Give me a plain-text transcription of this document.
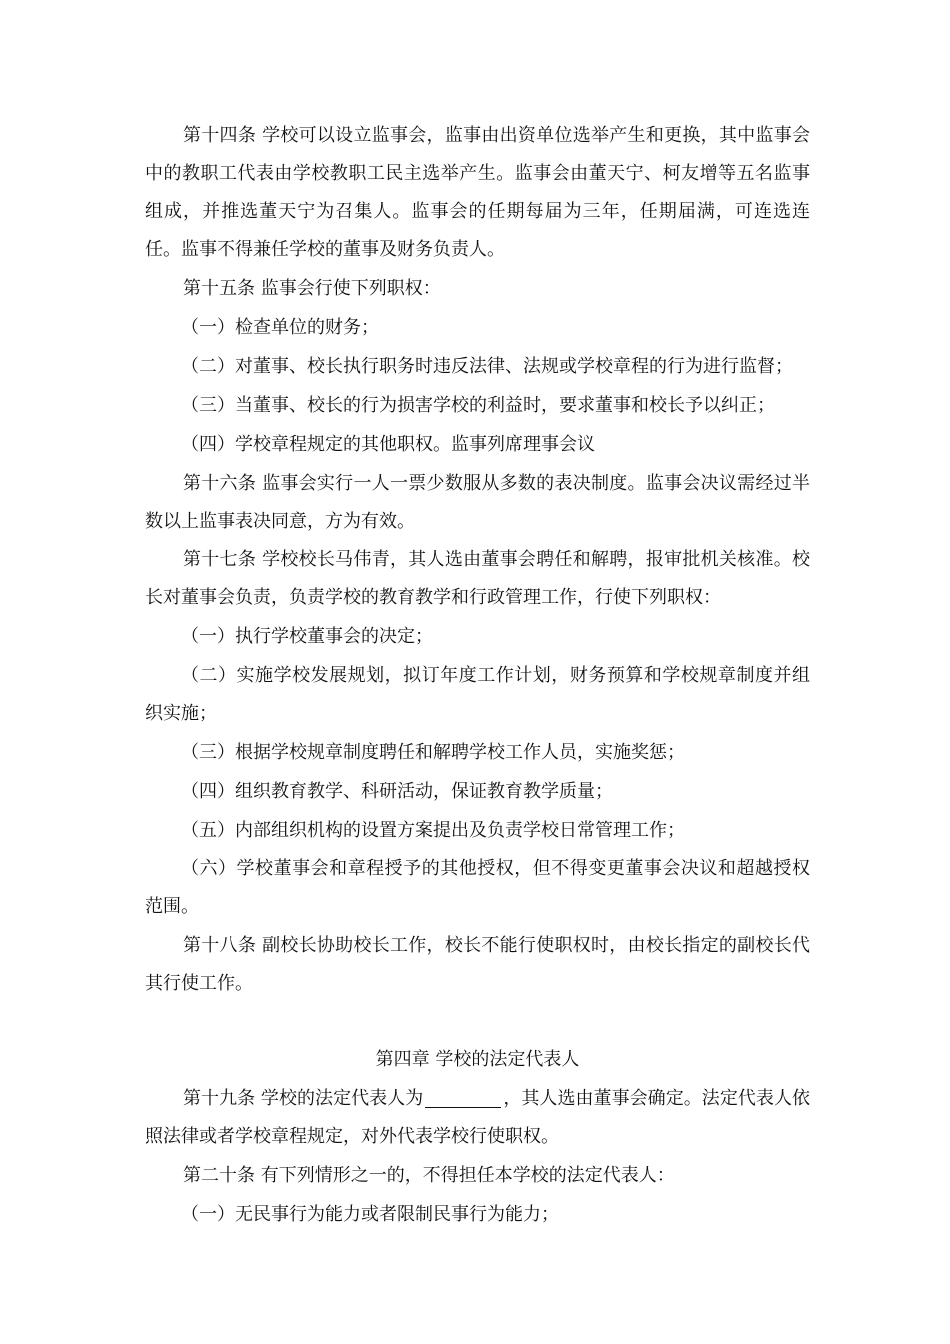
第十四条 学校可以设立监事会，监事由出资单位选举产生和更换，其中监事会中的教职工代表由学校教职工民主选举产生。监事会由董天宁、柯友增等五名监事组成，并推选董天宁为召集人。监事会的任期每届为三年，任期届满，可连选连任。监事不得兼任学校的董事及财务负责人。

第十五条 监事会行使下列职权：

（一）检查单位的财务；

（二）对董事、校长执行职务时违反法律、法规或学校章程的行为进行监督；

（三）当董事、校长的行为损害学校的利益时，要求董事和校长予以纠正；

（四）学校章程规定的其他职权。监事列席理事会议

第十六条 监事会实行一人一票少数服从多数的表决制度。监事会决议需经过半数以上监事表决同意，方为有效。

第十七条 学校校长马伟青，其人选由董事会聘任和解聘，报审批机关核准。校长对董事会负责，负责学校的教育教学和行政管理工作，行使下列职权：

（一）执行学校董事会的决定；

（二）实施学校发展规划，拟订年度工作计划，财务预算和学校规章制度并组织实施；

（三）根据学校规章制度聘任和解聘学校工作人员，实施奖惩；

（四）组织教育教学、科研活动，保证教育教学质量；

（五）内部组织机构的设置方案提出及负责学校日常管理工作；

（六）学校董事会和章程授予的其他授权，但不得变更董事会决议和超越授权范围。

第十八条 副校长协助校长工作，校长不能行使职权时，由校长指定的副校长代其行使工作。

第四章 学校的法定代表人

第十九条 学校的法定代表人为	，其人选由董事会确定。法定代表人依照法律或者学校章程规定，对外代表学校行使职权。

第二十条 有下列情形之一的，不得担任本学校的法定代表人：

（一）无民事行为能力或者限制民事行为能力；
